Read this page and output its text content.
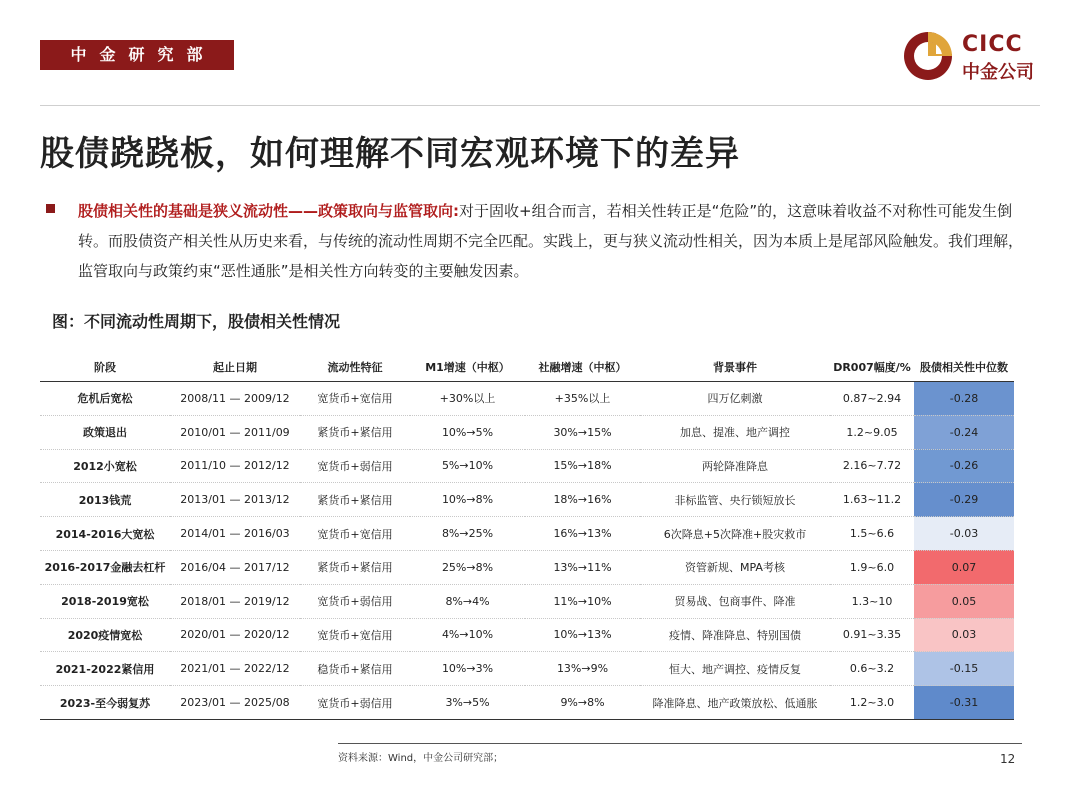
中金研究部	CICC
中金公司
股债跷跷板，如何理解不同宏观环境下的差异
股债相关性的基础是狭义流动性——政策取向与监管取向:对于固收+组合而言，若相关性转正是“危险”的，这意味着收益不对称性可能发生倒转。而股债资产相关性从历史来看，与传统的流动性周期不完全匹配。实践上，更与狭义流动性相关，因为本质上是尾部风险触发。我们理解，监管取向与政策约束“恶性通胀”是相关性方向转变的主要触发因素。
图：不同流动性周期下，股债相关性情况
阶段	起止日期	流动性特征	M1增速（中枢）	社融增速（中枢）	背景事件	DR007幅度/%	股债相关性中位数
危机后宽松	2008/11 — 2009/12	宽货币+宽信用	+30%以上	+35%以上	四万亿刺激	0.87~2.94	-0.28
政策退出	2010/01 — 2011/09	紧货币+紧信用	10%→5%	30%→15%	加息、提准、地产调控	1.2~9.05	-0.24
2012小宽松	2011/10 — 2012/12	宽货币+弱信用	5%→10%	15%→18%	两轮降准降息	2.16~7.72	-0.26
2013钱荒	2013/01 — 2013/12	紧货币+紧信用	10%→8%	18%→16%	非标监管、央行锁短放长	1.63~11.2	-0.29
2014-2016大宽松	2014/01 — 2016/03	宽货币+宽信用	8%→25%	16%→13%	6次降息+5次降准+股灾救市	1.5~6.6	-0.03
2016-2017金融去杠杆	2016/04 — 2017/12	紧货币+紧信用	25%→8%	13%→11%	资管新规、MPA考核	1.9~6.0	0.07
2018-2019宽松	2018/01 — 2019/12	宽货币+弱信用	8%→4%	11%→10%	贸易战、包商事件、降准	1.3~10	0.05
2020疫情宽松	2020/01 — 2020/12	宽货币+宽信用	4%→10%	10%→13%	疫情、降准降息、特别国债	0.91~3.35	0.03
2021-2022紧信用	2021/01 — 2022/12	稳货币+紧信用	10%→3%	13%→9%	恒大、地产调控、疫情反复	0.6~3.2	-0.15
2023-至今弱复苏	2023/01 — 2025/08	宽货币+弱信用	3%→5%	9%→8%	降准降息、地产政策放松、低通胀	1.2~3.0	-0.31
资料来源：Wind，中金公司研究部；	12
